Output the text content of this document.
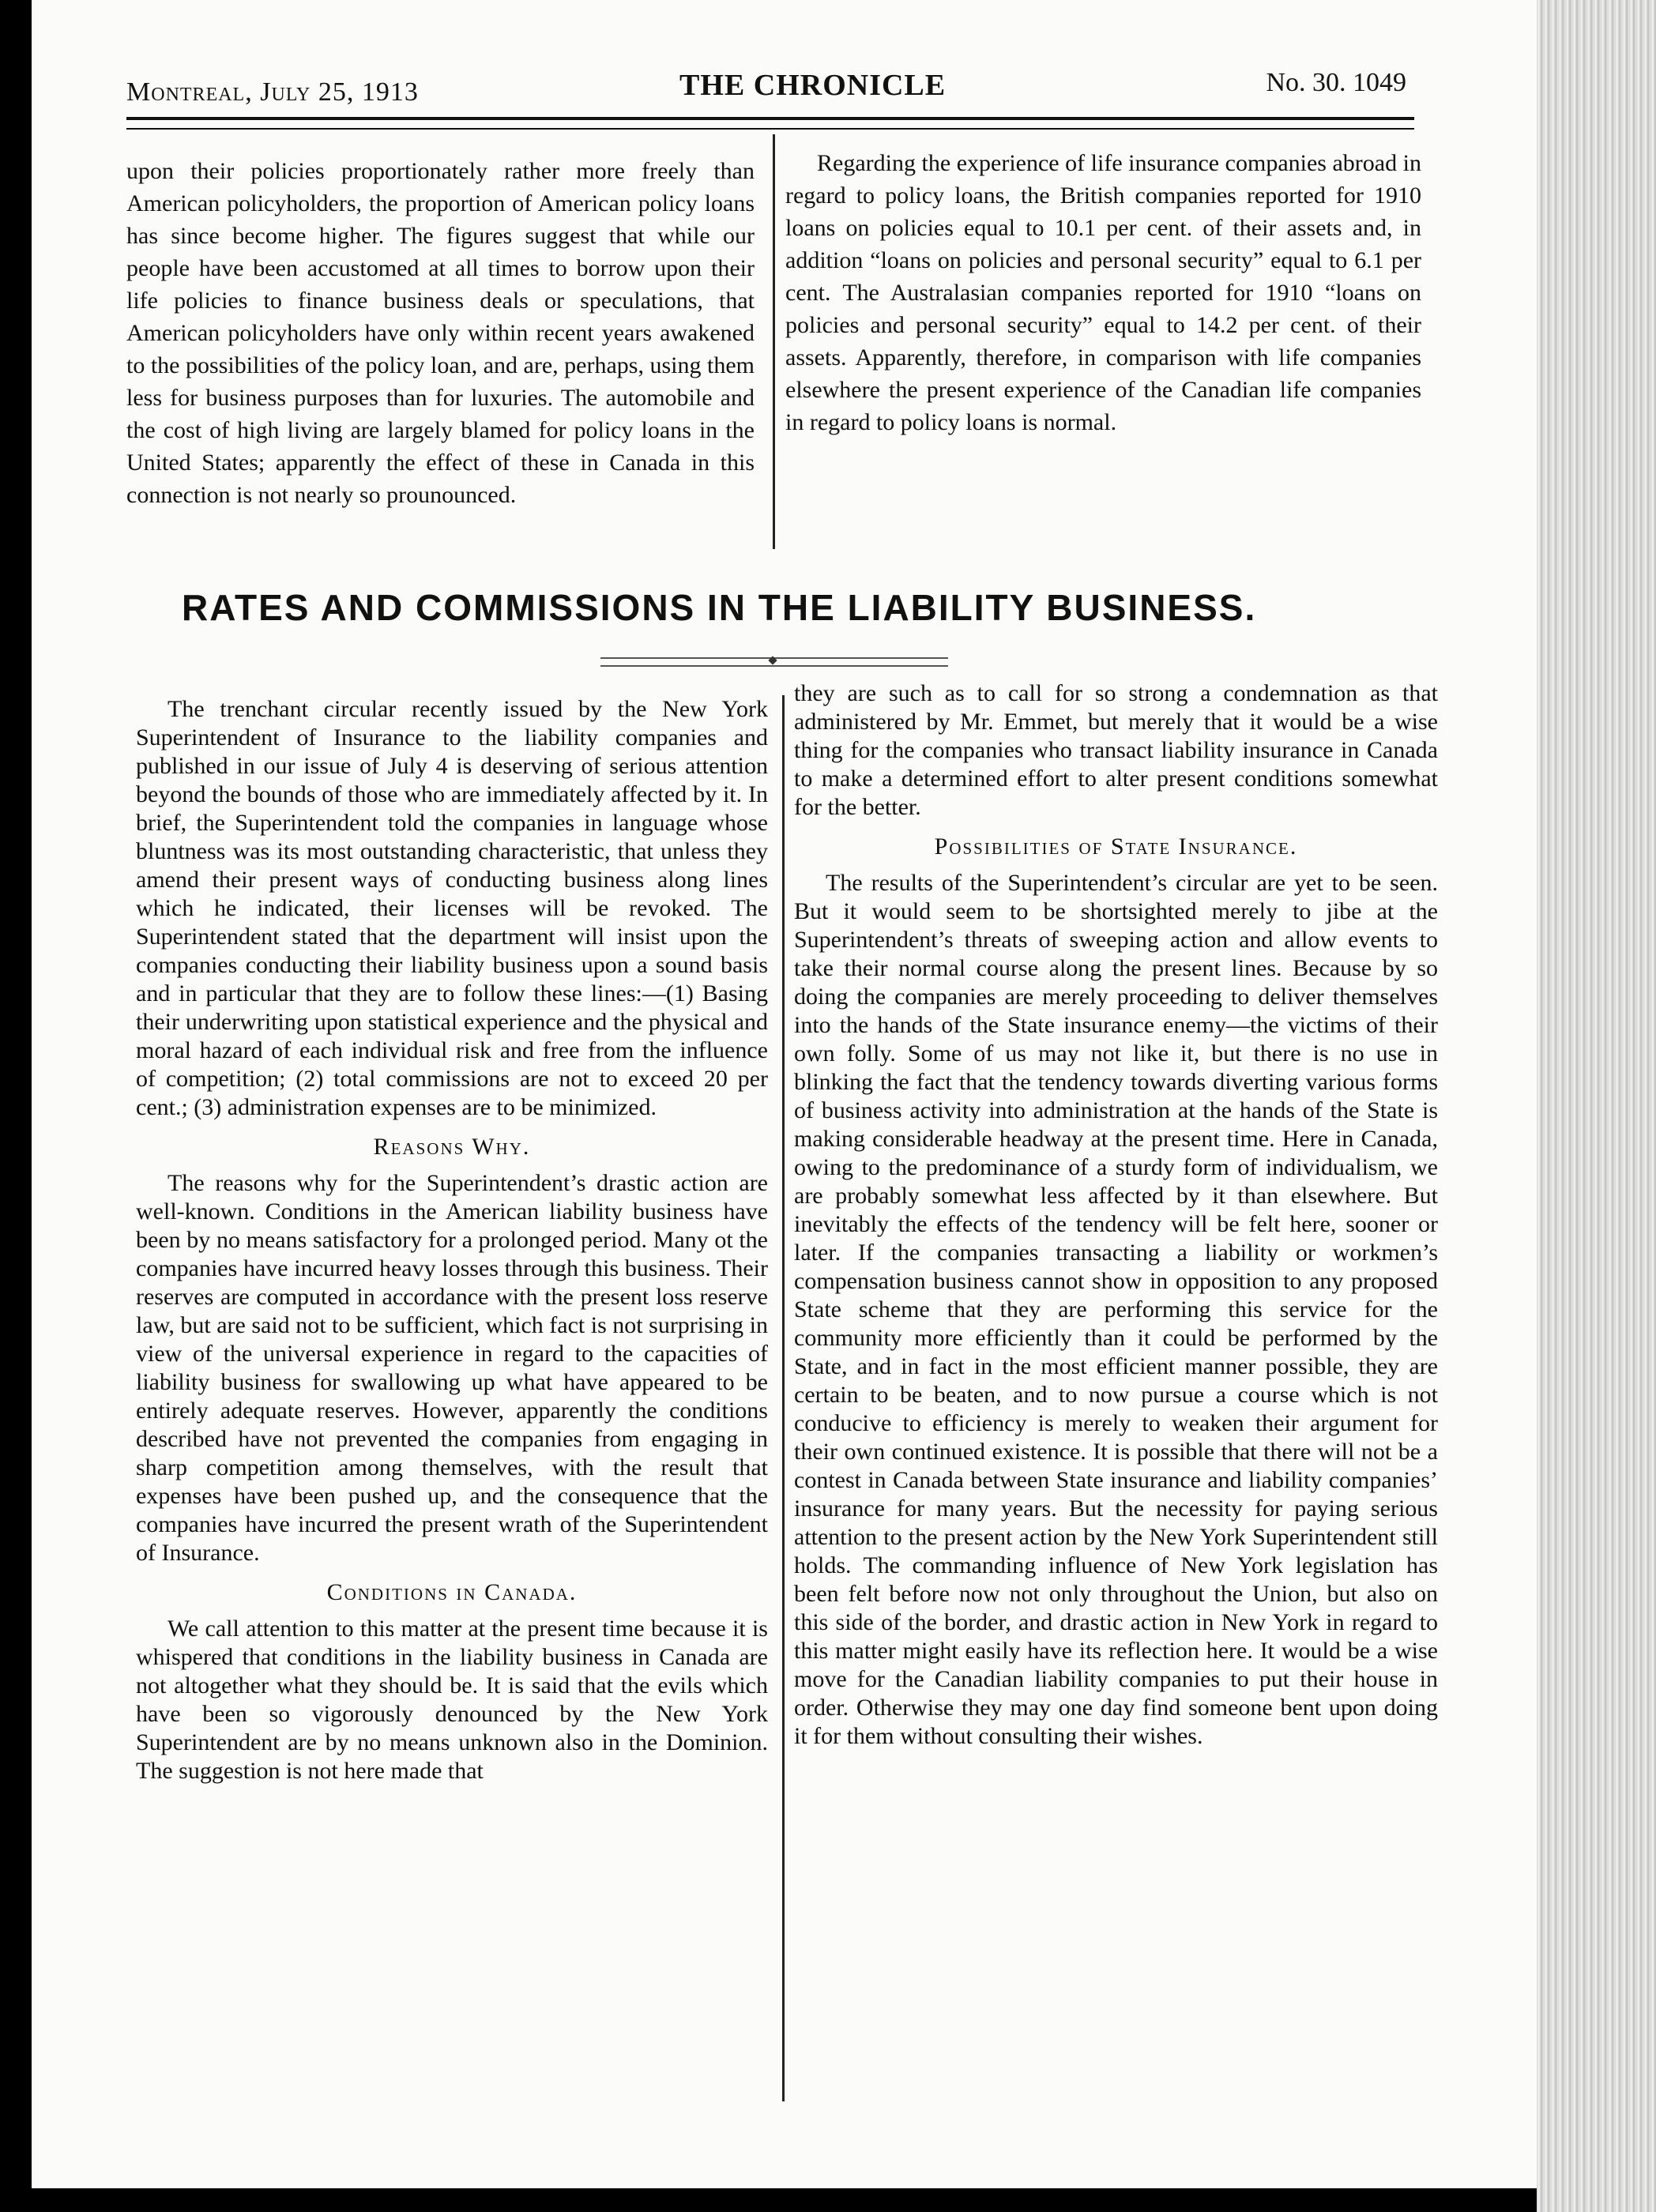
Montreal, July 25, 1913	THE CHRONICLE	No. 30. 1049

upon their policies proportionately rather more freely than American policyholders, the proportion of American policy loans has since become higher. The figures suggest that while our people have been accustomed at all times to borrow upon their life policies to finance business deals or speculations, that American policyholders have only within recent years awakened to the possibilities of the policy loan, and are, perhaps, using them less for business purposes than for luxuries. The automobile and the cost of high living are largely blamed for policy loans in the United States; apparently the effect of these in Canada in this connection is not nearly so prounounced.

Regarding the experience of life insurance companies abroad in regard to policy loans, the British companies reported for 1910 loans on policies equal to 10.1 per cent. of their assets and, in addition “loans on policies and personal security” equal to 6.1 per cent. The Australasian companies reported for 1910 “loans on policies and personal security” equal to 14.2 per cent. of their assets. Apparently, therefore, in comparison with life companies elsewhere the present experience of the Canadian life companies in regard to policy loans is normal.

RATES AND COMMISSIONS IN THE LIABILITY BUSINESS.

The trenchant circular recently issued by the New York Superintendent of Insurance to the liability companies and published in our issue of July 4 is deserving of serious attention beyond the bounds of those who are immediately affected by it. In brief, the Superintendent told the companies in language whose bluntness was its most outstanding characteristic, that unless they amend their present ways of conducting business along lines which he indicated, their licenses will be revoked. The Superintendent stated that the department will insist upon the companies conducting their liability business upon a sound basis and in particular that they are to follow these lines:—(1) Basing their underwriting upon statistical experience and the physical and moral hazard of each individual risk and free from the influence of competition; (2) total commissions are not to exceed 20 per cent.; (3) administration expenses are to be minimized.

Reasons Why.

The reasons why for the Superintendent’s drastic action are well-known. Conditions in the American liability business have been by no means satisfactory for a prolonged period. Many ot the companies have incurred heavy losses through this business. Their reserves are computed in accordance with the present loss reserve law, but are said not to be sufficient, which fact is not surprising in view of the universal experience in regard to the capacities of liability business for swallowing up what have appeared to be entirely adequate reserves. However, apparently the conditions described have not prevented the companies from engaging in sharp competition among themselves, with the result that expenses have been pushed up, and the consequence that the companies have incurred the present wrath of the Superintendent of Insurance.

Conditions in Canada.

We call attention to this matter at the present time because it is whispered that conditions in the liability business in Canada are not altogether what they should be. It is said that the evils which have been so vigorously denounced by the New York Superintendent are by no means unknown also in the Dominion. The suggestion is not here made that

they are such as to call for so strong a condemnation as that administered by Mr. Emmet, but merely that it would be a wise thing for the companies who transact liability insurance in Canada to make a determined effort to alter present conditions somewhat for the better.

Possibilities of State Insurance.

The results of the Superintendent’s circular are yet to be seen. But it would seem to be shortsighted merely to jibe at the Superintendent’s threats of sweeping action and allow events to take their normal course along the present lines. Because by so doing the companies are merely proceeding to deliver themselves into the hands of the State insurance enemy—the victims of their own folly. Some of us may not like it, but there is no use in blinking the fact that the tendency towards diverting various forms of business activity into administration at the hands of the State is making considerable headway at the present time. Here in Canada, owing to the predominance of a sturdy form of individualism, we are probably somewhat less affected by it than elsewhere. But inevitably the effects of the tendency will be felt here, sooner or later. If the companies transacting a liability or workmen’s compensation business cannot show in opposition to any proposed State scheme that they are performing this service for the community more efficiently than it could be performed by the State, and in fact in the most efficient manner possible, they are certain to be beaten, and to now pursue a course which is not conducive to efficiency is merely to weaken their argument for their own continued existence. It is possible that there will not be a contest in Canada between State insurance and liability companies’ insurance for many years. But the necessity for paying serious attention to the present action by the New York Superintendent still holds. The commanding influence of New York legislation has been felt before now not only throughout the Union, but also on this side of the border, and drastic action in New York in regard to this matter might easily have its reflection here. It would be a wise move for the Canadian liability companies to put their house in order. Otherwise they may one day find someone bent upon doing it for them without consulting their wishes.
